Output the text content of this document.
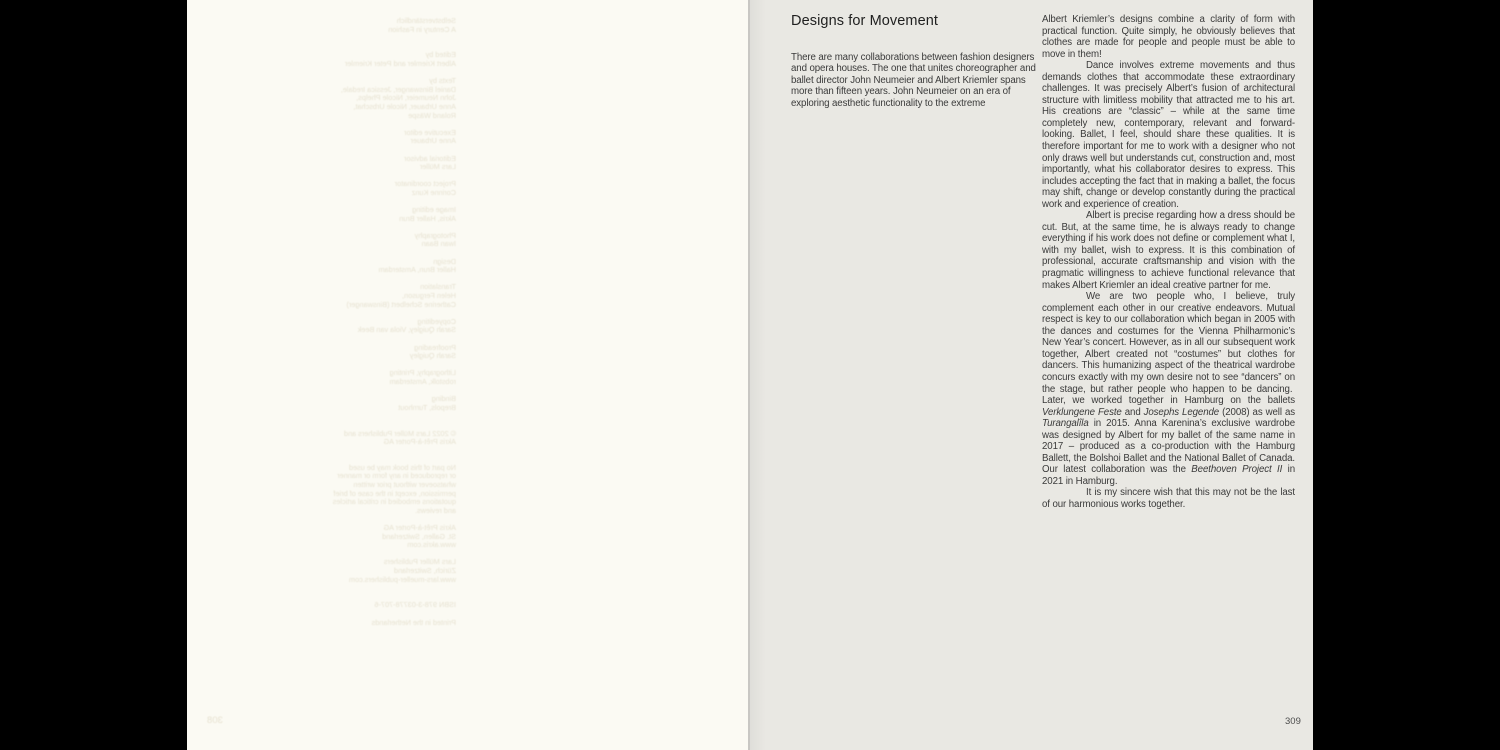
Selbstverständlich
A Century in Fashion
Edited by
Albert Kriemler and Peter Kriemler
Texts by
Daniel Binswanger, Jessica Iredale,
John Neumeier, Nicole Phelps,
Anne Urbauer, Nicole Urbschat,
Roland Wäspe
Executive editor
Anne Urbauer
Editorial advisor
Lars Müller
Project coordinator
Corinne Kunz
Image editing
Akris, Haller Brun
Photography
Iwan Baan
Design
Haller Brun, Amsterdam
Translation
Helen Ferguson,
Catherine Schelbert (Binswanger)
Copyediting
Sarah Quigley, Viola van Beek
Proofreading
Sarah Quigley
Lithography, Printing
robstolk, Amsterdam
Binding
Brepols, Turnhout
© 2022 Lars Müller Publishers and
Akris Prêt-à-Porter AG
No part of this book may be used
or reproduced in any form or manner
whatsoever without prior written
permission, except in the case of brief
quotations embodied in critical articles
and reviews.
Akris Prêt-à-Porter AG
St. Gallen, Switzerland
www.akris.com
Lars Müller Publishers
Zürich, Switzerland
www.lars-mueller-publishers.com
ISBN 978-3-03778-707-6
Printed in the Netherlands
308
Designs for Movement
There are many collaborations between fashion designers and opera houses. The one that unites choreographer and ballet director John Neumeier and Albert Kriemler spans more than fifteen years. John Neumeier on an era of exploring aesthetic functionality to the extreme

Albert Kriemler’s designs combine a clarity of form with practical function. Quite simply, he obviously believes that clothes are made for people and people must be able to move in them!

Dance involves extreme movements and thus demands clothes that accommodate these extraordinary challenges. It was precisely Albert’s fusion of architectural structure with limitless mobility that attracted me to his art. His creations are “classic” – while at the same time completely new, contemporary, relevant and forward-looking. Ballet, I feel, should share these qualities. It is therefore important for me to work with a designer who not only draws well but understands cut, construction and, most importantly, what his collaborator desires to express. This includes accepting the fact that in making a ballet, the focus may shift, change or develop constantly during the practical work and experience of creation.

Albert is precise regarding how a dress should be cut. But, at the same time, he is always ready to change everything if his work does not define or complement what I, with my ballet, wish to express. It is this combination of professional, accurate craftsmanship and vision with the pragmatic willingness to achieve functional relevance that makes Albert Kriemler an ideal creative partner for me.

We are two people who, I believe, truly complement each other in our creative endeavors. Mutual respect is key to our collaboration which began in 2005 with the dances and costumes for the Vienna Philharmonic’s New Year’s concert. However, as in all our subsequent work together, Albert created not “costumes” but clothes for dancers. This humanizing aspect of the theatrical wardrobe concurs exactly with my own desire not to see “dancers” on the stage, but rather people who happen to be dancing.  Later, we worked together in Hamburg on the ballets Verklungene Feste and Josephs Legende (2008) as well as Turangalîla in 2015. Anna Karenina’s exclusive wardrobe was designed by Albert for my ballet of the same name in 2017 – produced as a co-production with the Hamburg Ballett, the Bolshoi Ballet and the National Ballet of Canada. Our latest collaboration was the Beethoven Project II in 2021 in Hamburg.

It is my sincere wish that this may not be the last of our harmonious works together.

309
